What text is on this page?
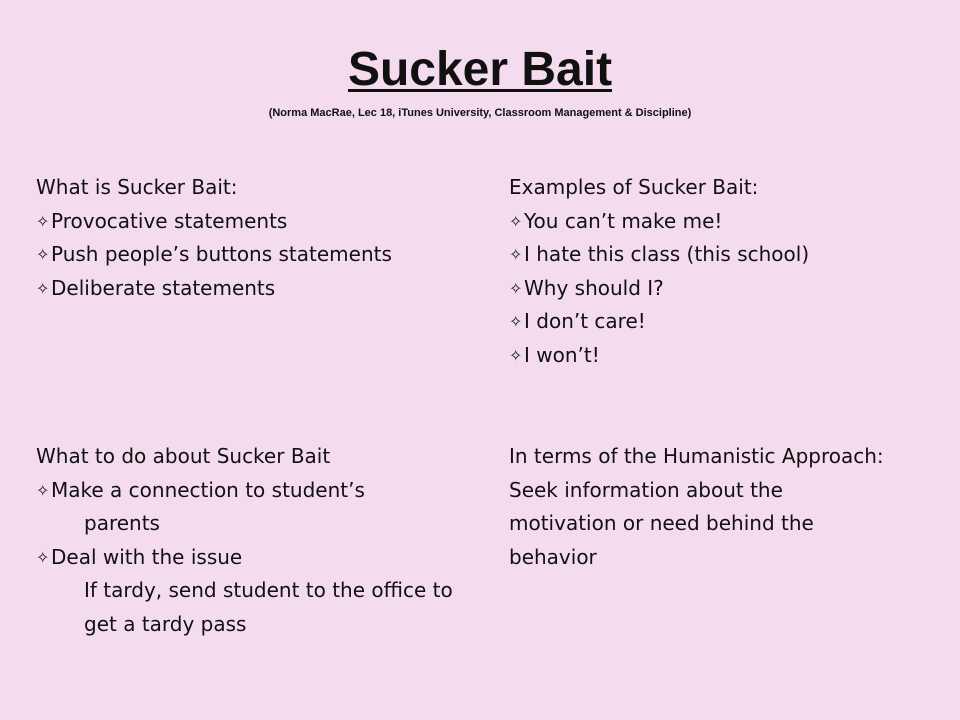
Sucker Bait
(Norma MacRae, Lec 18, iTunes University, Classroom Management & Discipline)
What is Sucker Bait:
✧ Provocative statements
✧ Push people’s buttons statements
✧ Deliberate statements
Examples of Sucker Bait:
✧ You can’t make me!
✧ I hate this class (this school)
✧ Why should I?
✧ I don’t care!
✧ I won’t!
What to do about Sucker Bait
✧ Make a connection to student’s
parents
✧ Deal with the issue
If tardy, send student to the office to
get a tardy pass
In terms of the Humanistic Approach:
Seek information about the
motivation or need behind the
behavior
